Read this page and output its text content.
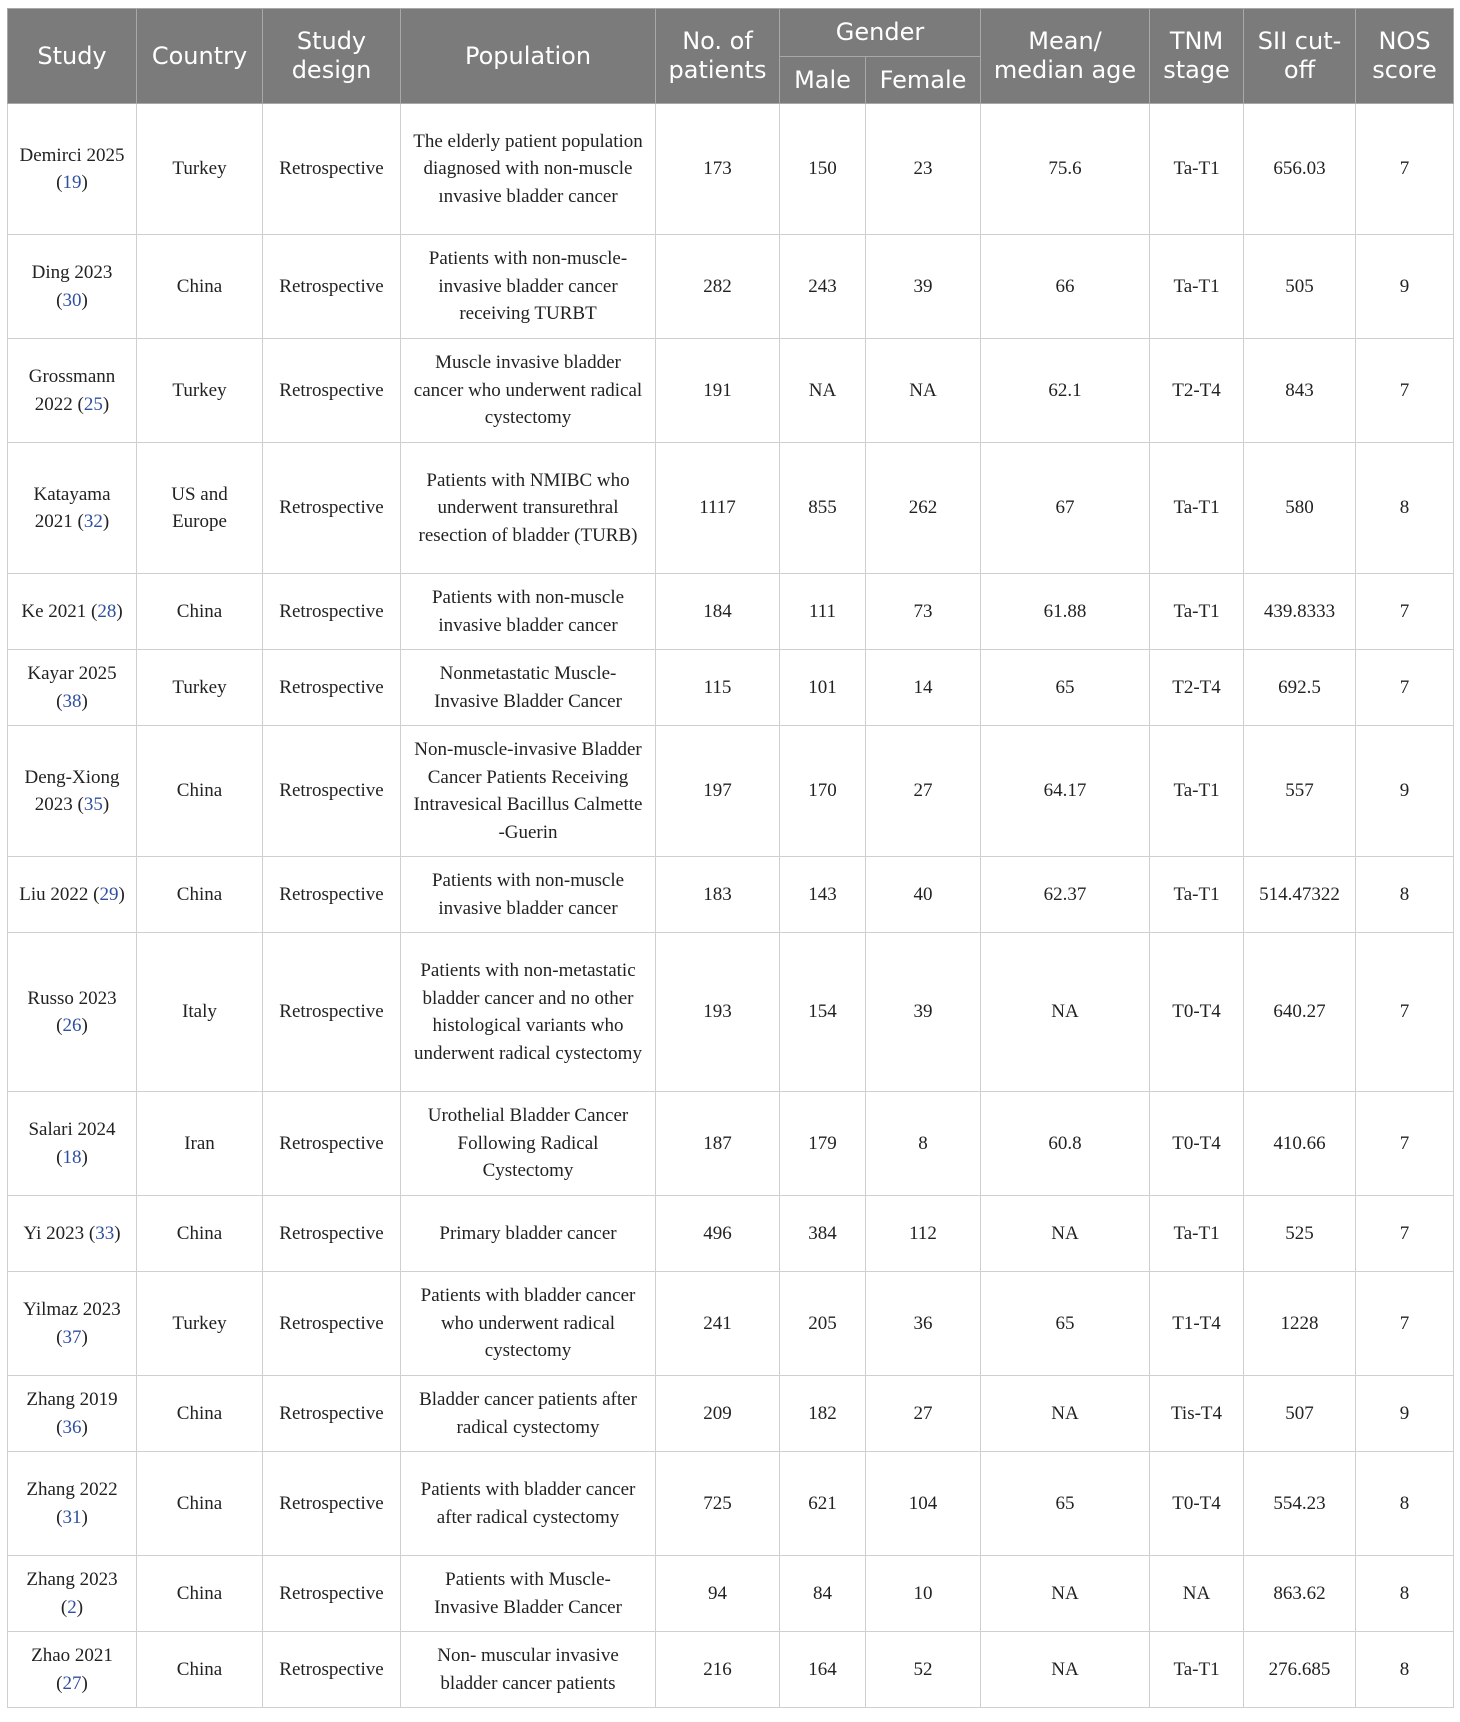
Study	Country	Study design	Population	No. of patients	Gender		Mean/ median age	TNM stage	SII cut-off	NOS score
					Male	Female				
Demirci 2025 (19)	Turkey	Retrospective	The elderly patient population diagnosed with non-muscle ınvasive bladder cancer	173	150	23	75.6	Ta-T1	656.03	7
Ding 2023 (30)	China	Retrospective	Patients with non-muscle-invasive bladder cancer receiving TURBT	282	243	39	66	Ta-T1	505	9
Grossmann 2022 (25)	Turkey	Retrospective	Muscle invasive bladder cancer who underwent radical cystectomy	191	NA	NA	62.1	T2-T4	843	7
Katayama 2021 (32)	US and Europe	Retrospective	Patients with NMIBC who underwent transurethral resection of bladder (TURB)	1117	855	262	67	Ta-T1	580	8
Ke 2021 (28)	China	Retrospective	Patients with non-muscle invasive bladder cancer	184	111	73	61.88	Ta-T1	439.8333	7
Kayar 2025 (38)	Turkey	Retrospective	Nonmetastatic Muscle-Invasive Bladder Cancer	115	101	14	65	T2-T4	692.5	7
Deng-Xiong 2023 (35)	China	Retrospective	Non-muscle-invasive Bladder Cancer Patients Receiving Intravesical Bacillus Calmette -Guerin	197	170	27	64.17	Ta-T1	557	9
Liu 2022 (29)	China	Retrospective	Patients with non-muscle invasive bladder cancer	183	143	40	62.37	Ta-T1	514.47322	8
Russo 2023 (26)	Italy	Retrospective	Patients with non-metastatic bladder cancer and no other histological variants who underwent radical cystectomy	193	154	39	NA	T0-T4	640.27	7
Salari 2024 (18)	Iran	Retrospective	Urothelial Bladder Cancer Following Radical Cystectomy	187	179	8	60.8	T0-T4	410.66	7
Yi 2023 (33)	China	Retrospective	Primary bladder cancer	496	384	112	NA	Ta-T1	525	7
Yilmaz 2023 (37)	Turkey	Retrospective	Patients with bladder cancer who underwent radical cystectomy	241	205	36	65	T1-T4	1228	7
Zhang 2019 (36)	China	Retrospective	Bladder cancer patients after radical cystectomy	209	182	27	NA	Tis-T4	507	9
Zhang 2022 (31)	China	Retrospective	Patients with bladder cancer after radical cystectomy	725	621	104	65	T0-T4	554.23	8
Zhang 2023 (2)	China	Retrospective	Patients with Muscle-Invasive Bladder Cancer	94	84	10	NA	NA	863.62	8
Zhao 2021 (27)	China	Retrospective	Non- muscular invasive bladder cancer patients	216	164	52	NA	Ta-T1	276.685	8
